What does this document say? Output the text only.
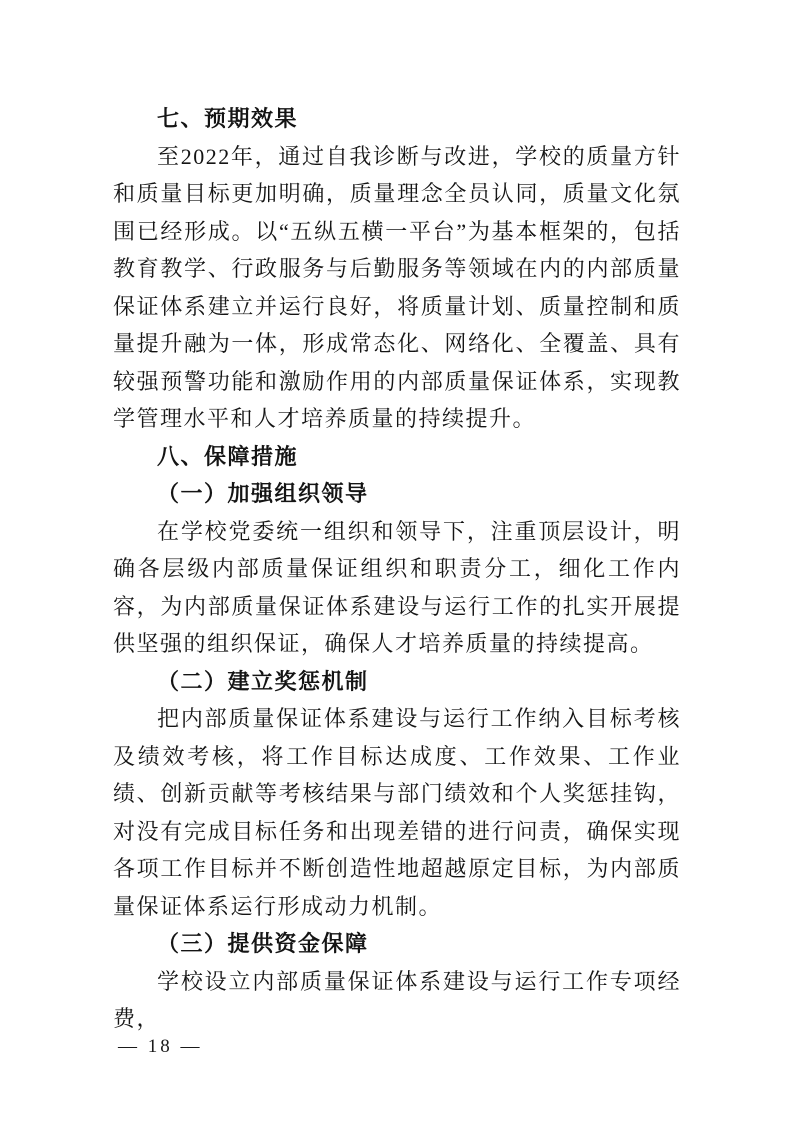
七、预期效果

至2022年，通过自我诊断与改进，学校的质量方针和质量目标更加明确，质量理念全员认同，质量文化氛围已经形成。以“五纵五横一平台”为基本框架的，包括教育教学、行政服务与后勤服务等领域在内的内部质量保证体系建立并运行良好，将质量计划、质量控制和质量提升融为一体，形成常态化、网络化、全覆盖、具有较强预警功能和激励作用的内部质量保证体系，实现教学管理水平和人才培养质量的持续提升。

八、保障措施
（一）加强组织领导

在学校党委统一组织和领导下，注重顶层设计，明确各层级内部质量保证组织和职责分工，细化工作内容，为内部质量保证体系建设与运行工作的扎实开展提供坚强的组织保证，确保人才培养质量的持续提高。

（二）建立奖惩机制

把内部质量保证体系建设与运行工作纳入目标考核及绩效考核，将工作目标达成度、工作效果、工作业绩、创新贡献等考核结果与部门绩效和个人奖惩挂钩，对没有完成目标任务和出现差错的进行问责，确保实现各项工作目标并不断创造性地超越原定目标，为内部质量保证体系运行形成动力机制。

（三）提供资金保障

学校设立内部质量保证体系建设与运行工作专项经费，

— 18 —
